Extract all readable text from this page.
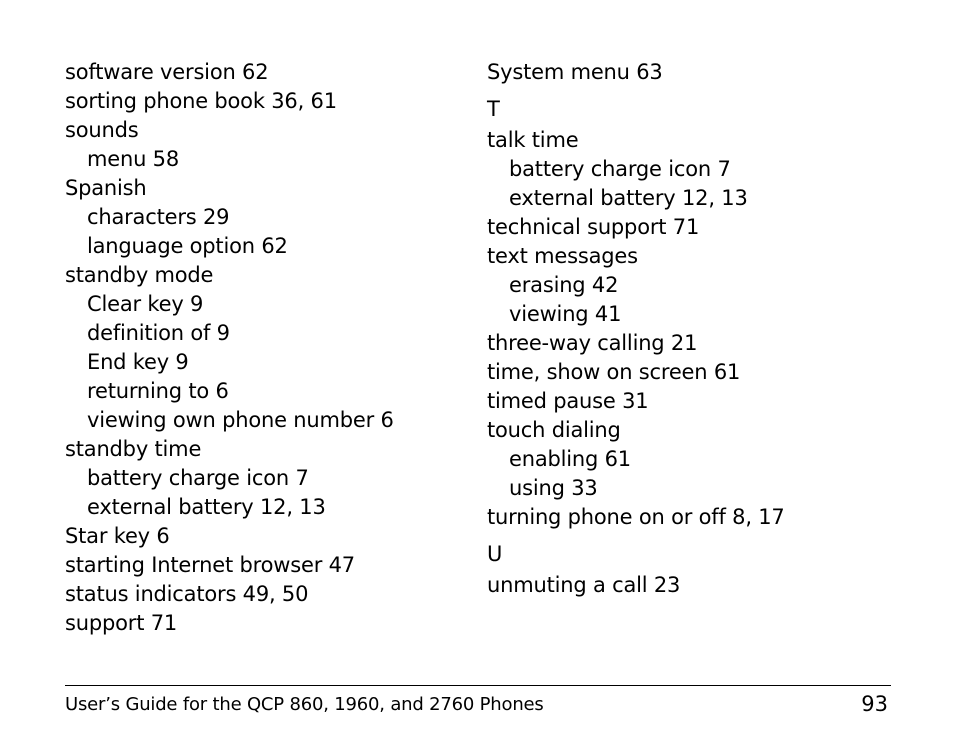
software version 62
sorting phone book 36, 61
sounds
menu 58
Spanish
characters 29
language option 62
standby mode
Clear key 9
definition of 9
End key 9
returning to 6
viewing own phone number 6
standby time
battery charge icon 7
external battery 12, 13
Star key 6
starting Internet browser 47
status indicators 49, 50
support 71
System menu 63
T
talk time
battery charge icon 7
external battery 12, 13
technical support 71
text messages
erasing 42
viewing 41
three-way calling 21
time, show on screen 61
timed pause 31
touch dialing
enabling 61
using 33
turning phone on or off 8, 17
U
unmuting a call 23
User’s Guide for the QCP 860, 1960, and 2760 Phones	93
